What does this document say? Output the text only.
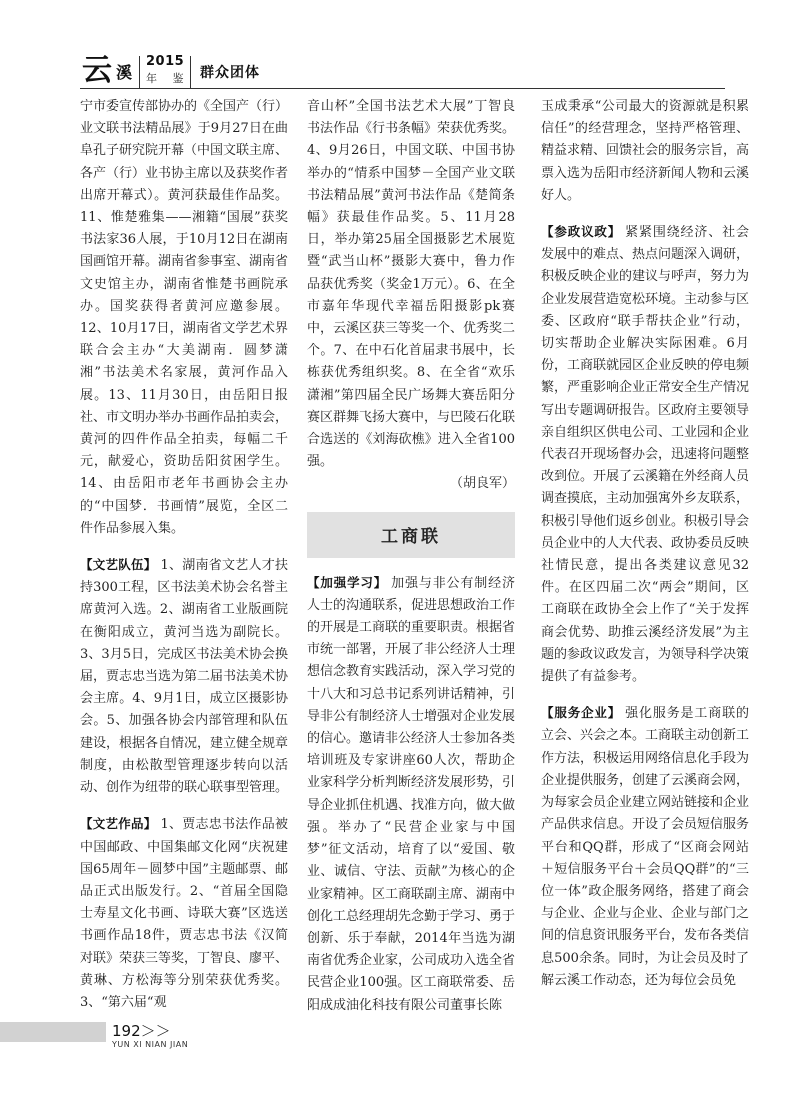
云 溪
2015
年 鉴 群众团体

宁市委宣传部协办的《全国产（行）业文联书法精品展》于9月27日在曲阜孔子研究院开幕（中国文联主席、各产（行）业书协主席以及获奖作者出席开幕式）。黄河获最佳作品奖。11、惟楚雅集——湘籍“国展”获奖书法家36人展，于10月12日在湖南国画馆开幕。湖南省参事室、湖南省文史馆主办，湖南省惟楚书画院承办。国奖获得者黄河应邀参展。12、10月17日，湖南省文学艺术界联合会主办“大美湖南．圆梦潇湘”书法美术名家展，黄河作品入展。13、11月30日，由岳阳日报社、市文明办举办书画作品拍卖会，黄河的四件作品全拍卖，每幅二千元，献爱心，资助岳阳贫困学生。14、由岳阳市老年书画协会主办的“中国梦．书画情”展览，全区二件作品参展入集。

【文艺队伍】 1、湖南省文艺人才扶持300工程，区书法美术协会名誉主席黄河入选。2、湖南省工业版画院在衡阳成立，黄河当选为副院长。3、3月5日，完成区书法美术协会换届，贾志忠当选为第二届书法美术协会主席。4、9月1日，成立区摄影协会。5、加强各协会内部管理和队伍建设，根据各自情况，建立健全规章制度，由松散型管理逐步转向以活动、创作为纽带的联心联事型管理。
【文艺作品】 1、贾志忠书法作品被中国邮政、中国集邮文化网“庆祝建国65周年－圆梦中国”主题邮票、邮品正式出版发行。2、“首届全国隐士寿星文化书画、诗联大赛”区选送书画作品18件，贾志忠书法《汉简对联》荣获三等奖，丁智良、廖平、黄琳、方松海等分别荣获优秀奖。3、“第六届“观

音山杯”全国书法艺术大展”丁智良书法作品《行书条幅》荣获优秀奖。4、9月26日，中国文联、中国书协举办的“情系中国梦－全国产业文联书法精品展”黄河书法作品《楚简条幅》获最佳作品奖。5、11月28日，举办第25届全国摄影艺术展览暨“武当山杯”摄影大赛中，鲁力作品获优秀奖（奖金1万元）。6、在全市嘉年华现代幸福岳阳摄影pk赛中，云溪区获三等奖一个、优秀奖二个。7、在中石化首届隶书展中，长栋获优秀组织奖。8、在全省“欢乐潇湘”第四届全民广场舞大赛岳阳分赛区群舞飞扬大赛中，与巴陵石化联合选送的《刘海砍樵》进入全省100强。

（胡良军）

工商联
【加强学习】 加强与非公有制经济人士的沟通联系，促进思想政治工作的开展是工商联的重要职责。根据省市统一部署，开展了非公经济人士理想信念教育实践活动，深入学习党的十八大和习总书记系列讲话精神，引导非公有制经济人士增强对企业发展的信心。邀请非公经济人士参加各类培训班及专家讲座60人次，帮助企业家科学分析判断经济发展形势，引导企业抓住机遇、找准方向，做大做强。举办了“民营企业家与中国梦”征文活动，培育了以“爱国、敬业、诚信、守法、贡献”为核心的企业家精神。区工商联副主席、湖南中创化工总经理胡先念勤于学习、勇于创新、乐于奉献，2014年当选为湖南省优秀企业家，公司成功入选全省民营企业100强。区工商联常委、岳阳成成油化科技有限公司董事长陈

玉成秉承“公司最大的资源就是积累信任”的经营理念，坚持严格管理、精益求精、回馈社会的服务宗旨，高票入选为岳阳市经济新闻人物和云溪好人。

【参政议政】 紧紧围绕经济、社会发展中的难点、热点问题深入调研，积极反映企业的建议与呼声，努力为企业发展营造宽松环境。主动参与区委、区政府“联手帮扶企业”行动，切实帮助企业解决实际困难。6月份，工商联就园区企业反映的停电频繁，严重影响企业正常安全生产情况写出专题调研报告。区政府主要领导亲自组织区供电公司、工业园和企业代表召开现场督办会，迅速将问题整改到位。开展了云溪籍在外经商人员调查摸底，主动加强寓外乡友联系，积极引导他们返乡创业。积极引导会员企业中的人大代表、政协委员反映社情民意，提出各类建议意见32件。在区四届二次“两会”期间，区工商联在政协全会上作了“关于发挥商会优势、助推云溪经济发展”为主题的参政议政发言，为领导科学决策提供了有益参考。
【服务企业】 强化服务是工商联的立会、兴会之本。工商联主动创新工作方法，积极运用网络信息化手段为企业提供服务，创建了云溪商会网，为每家会员企业建立网站链接和企业产品供求信息。开设了会员短信服务平台和QQ群，形成了“区商会网站＋短信服务平台＋会员QQ群”的“三位一体”政企服务网络，搭建了商会与企业、企业与企业、企业与部门之间的信息资讯服务平台，发布各类信息500余条。同时，为让会员及时了解云溪工作动态，还为每位会员免
192＞＞
YUN XI NIAN JIAN
